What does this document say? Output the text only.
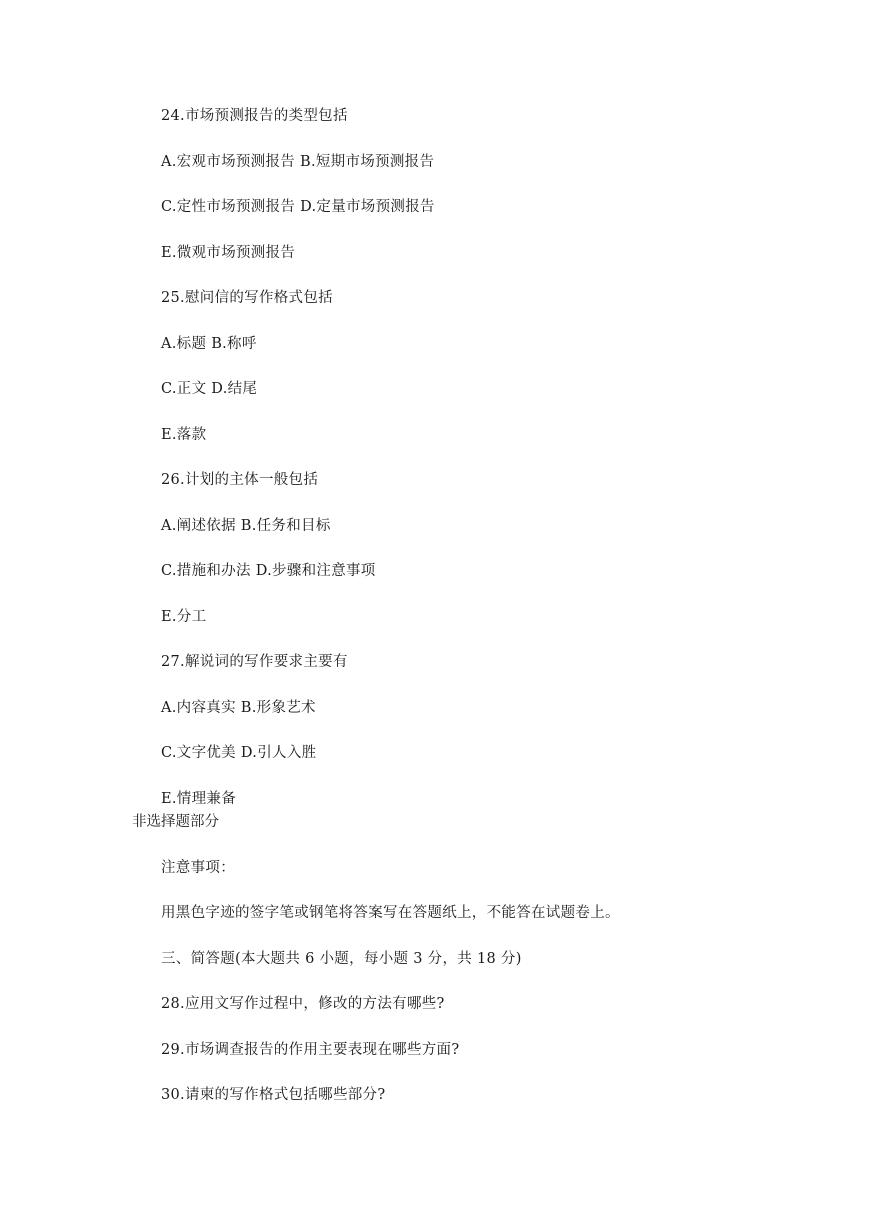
24.市场预测报告的类型包括
A.宏观市场预测报告 B.短期市场预测报告
C.定性市场预测报告 D.定量市场预测报告
E.微观市场预测报告
25.慰问信的写作格式包括
A.标题 B.称呼
C.正文 D.结尾
E.落款
26.计划的主体一般包括
A.阐述依据 B.任务和目标
C.措施和办法 D.步骤和注意事项
E.分工
27.解说词的写作要求主要有
A.内容真实 B.形象艺术
C.文字优美 D.引人入胜
E.情理兼备
非选择题部分
注意事项：
用黑色字迹的签字笔或钢笔将答案写在答题纸上，不能答在试题卷上。
三、简答题(本大题共 6 小题，每小题 3 分，共 18 分)
28.应用文写作过程中，修改的方法有哪些?
29.市场调查报告的作用主要表现在哪些方面?
30.请柬的写作格式包括哪些部分?
